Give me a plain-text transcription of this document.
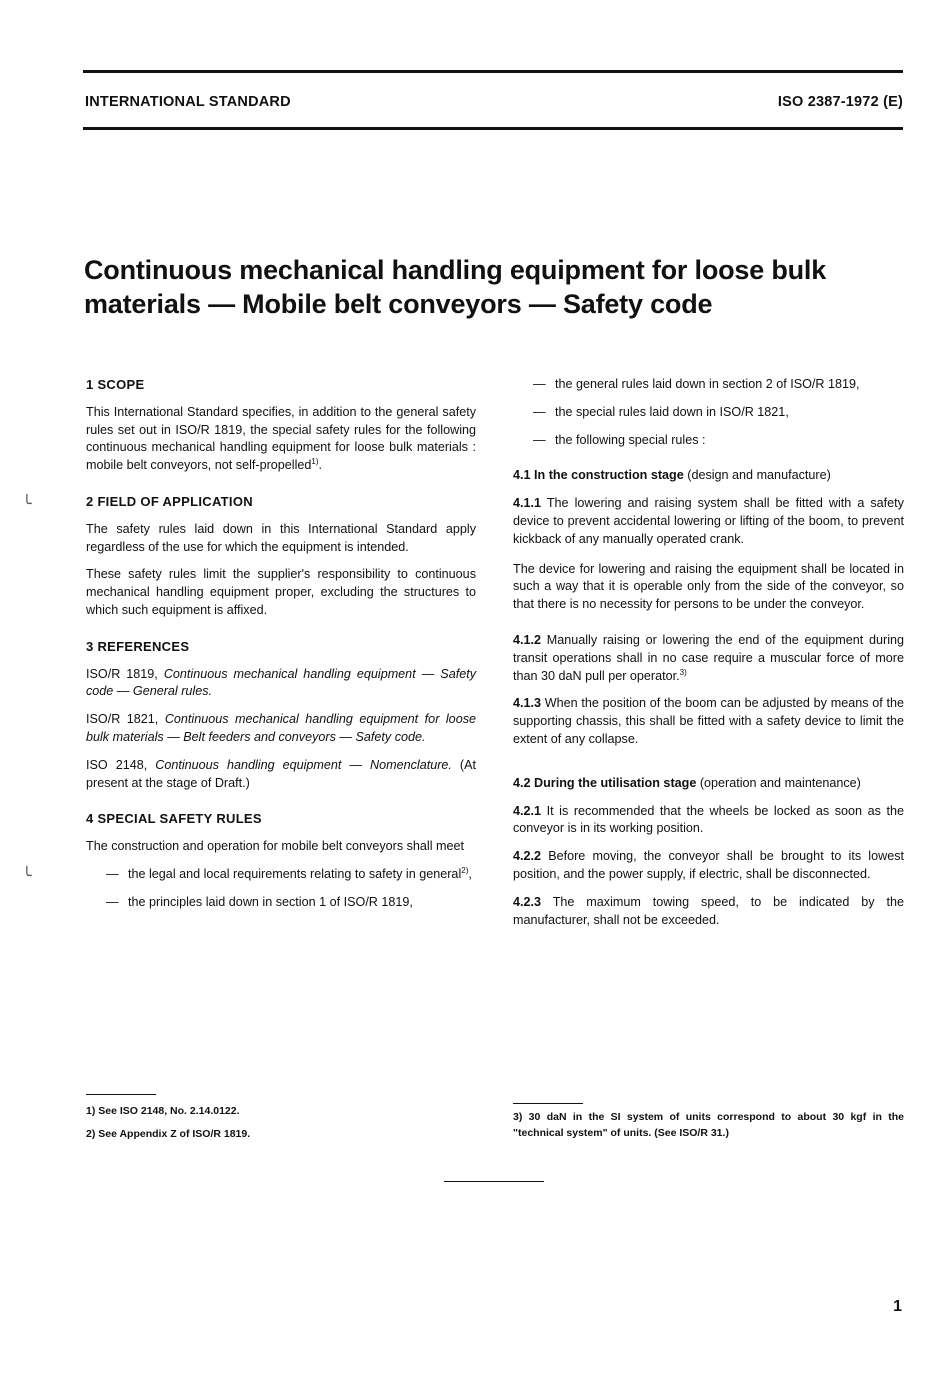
INTERNATIONAL STANDARD	ISO 2387-1972 (E)
Continuous mechanical handling equipment for loose bulk
materials — Mobile belt conveyors — Safety code
╰
╰

1 SCOPE

This International Standard specifies, in addition to the general safety rules set out in ISO/R 1819, the special safety rules for the following continuous mechanical handling equipment for loose bulk materials : mobile belt conveyors, not self-propelled$^{1)}$.

2 FIELD OF APPLICATION

The safety rules laid down in this International Standard apply regardless of the use for which the equipment is intended.

These safety rules limit the supplier's responsibility to continuous mechanical handling equipment proper, excluding the structures to which such equipment is affixed.

3 REFERENCES

ISO/R 1819, Continuous mechanical handling equipment — Safety code — General rules.

ISO/R 1821, Continuous mechanical handling equipment for loose bulk materials — Belt feeders and conveyors — Safety code.

ISO 2148, Continuous handling equipment — Nomenclature. (At present at the stage of Draft.)

4 SPECIAL SAFETY RULES

The construction and operation for mobile belt conveyors shall meet

— the legal and local requirements relating to safety in general$^{2)}$,
— the principles laid down in section 1 of ISO/R 1819,
— the general rules laid down in section 2 of ISO/R 1819,
— the special rules laid down in ISO/R 1821,
— the following special rules :

4.1 In the construction stage (design and manufacture)

4.1.1 The lowering and raising system shall be fitted with a safety device to prevent accidental lowering or lifting of the boom, to prevent kickback of any manually operated crank.

The device for lowering and raising the equipment shall be located in such a way that it is operable only from the side of the conveyor, so that there is no necessity for persons to be under the conveyor.

4.1.2 Manually raising or lowering the end of the equipment during transit operations shall in no case require a muscular force of more than 30 daN pull per operator.$^{3)}$

4.1.3 When the position of the boom can be adjusted by means of the supporting chassis, this shall be fitted with a safety device to limit the extent of any collapse.

4.2 During the utilisation stage (operation and maintenance)

4.2.1 It is recommended that the wheels be locked as soon as the conveyor is in its working position.

4.2.2 Before moving, the conveyor shall be brought to its lowest position, and the power supply, if electric, shall be disconnected.

4.2.3 The maximum towing speed, to be indicated by the manufacturer, shall not be exceeded.

1) See ISO 2148, No. 2.14.0122.
2) See Appendix Z of ISO/R 1819.
3) 30 daN in the SI system of units correspond to about 30 kgf in the "technical system" of units. (See ISO/R 31.)
1
